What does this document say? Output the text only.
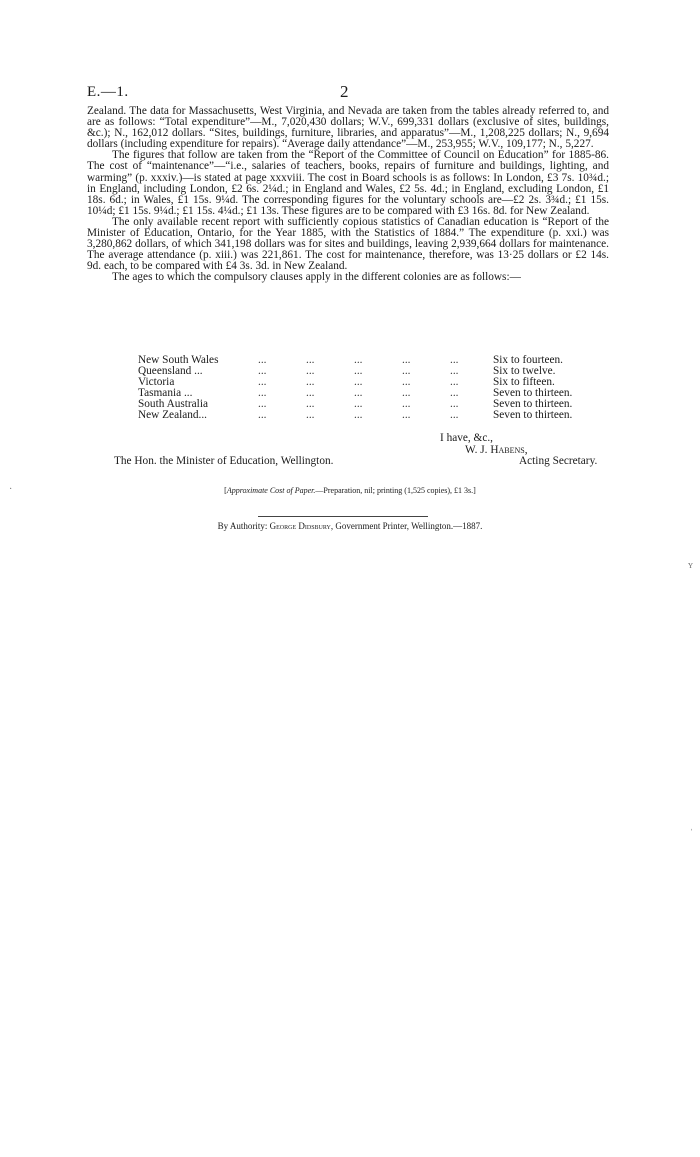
E.—1.	2

Zealand. The data for Massachusetts, West Virginia, and Nevada are taken from the tables already referred to, and are as follows: “Total expenditure”—M., 7,020,430 dollars; W.V., 699,331 dollars (exclusive of sites, buildings, &c.); N., 162,012 dollars. “Sites, buildings, furniture, libraries, and apparatus”—M., 1,208,225 dollars; N., 9,694 dollars (including expenditure for repairs). “Average daily attendance”—M., 253,955; W.V., 109,177; N., 5,227.

The figures that follow are taken from the “Report of the Committee of Council on Education” for 1885-86. The cost of “maintenance”—“i.e., salaries of teachers, books, repairs of furniture and buildings, lighting, and warming” (p. xxxiv.)—is stated at page xxxviii. The cost in Board schools is as follows: In London, £3 7s. 10¾d.; in England, including London, £2 6s. 2¼d.; in England and Wales, £2 5s. 4d.; in England, excluding London, £1 18s. 6d.; in Wales, £1 15s. 9¼d. The corresponding figures for the voluntary schools are—£2 2s. 3¾d.; £1 15s. 10¼d; £1 15s. 9¼d.; £1 15s. 4¼d.; £1 13s. These figures are to be compared with £3 16s. 8d. for New Zealand.

The only available recent report with sufficiently copious statistics of Canadian education is “Report of the Minister of Education, Ontario, for the Year 1885, with the Statistics of 1884.” The expenditure (p. xxi.) was 3,280,862 dollars, of which 341,198 dollars was for sites and buildings, leaving 2,939,664 dollars for maintenance. The average attendance (p. xiii.) was 221,861. The cost for maintenance, therefore, was 13·25 dollars or £2 14s. 9d. each, to be compared with £4 3s. 3d. in New Zealand.

The ages to which the compulsory clauses apply in the different colonies are as follows:—

New South Wales	...	...	...	...	...	Six to fourteen.
Queensland ...	...	...	...	...	...	Six to twelve.
Victoria	...	...	...	...	...	Six to fifteen.
Tasmania ...	...	...	...	...	...	Seven to thirteen.
South Australia	...	...	...	...	...	Seven to thirteen.
New Zealand...	...	...	...	...	...	Seven to thirteen.
I have, &c.,
W. J. Habens,
The Hon. the Minister of Education, Wellington.	Acting Secretary.
[Approximate Cost of Paper.—Preparation, nil; printing (1,525 copies), £1 3s.]
By Authority: George Didsbury, Government Printer, Wellington.—1887.
·
ʏ
ˈ
